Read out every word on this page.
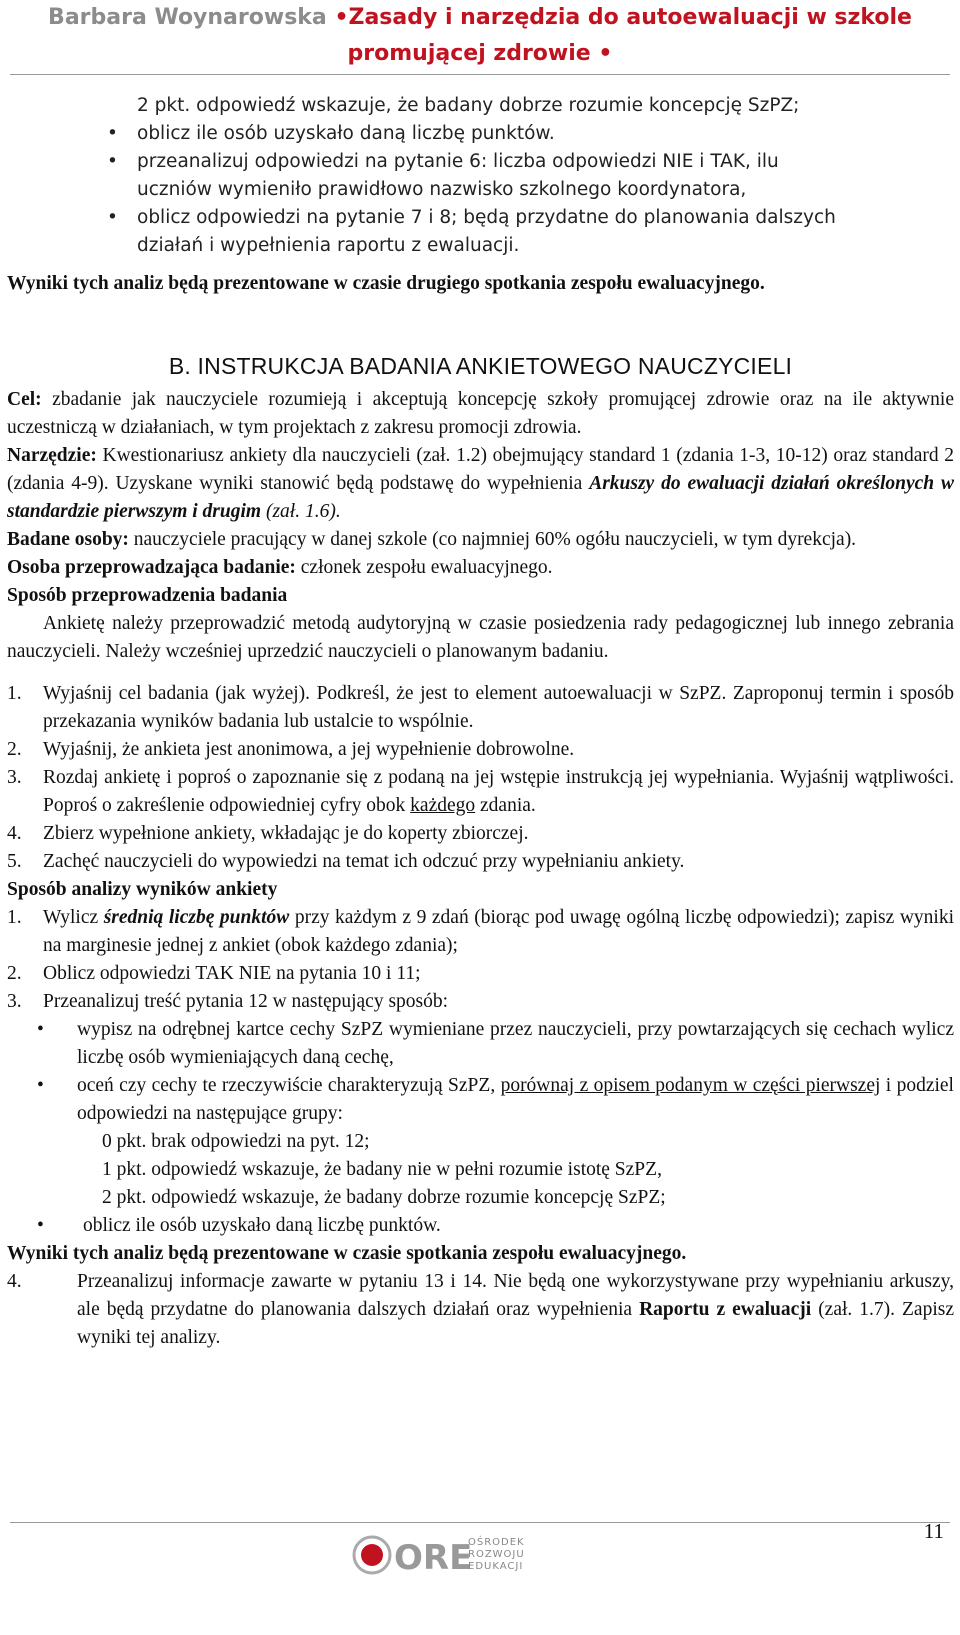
Barbara Woynarowska •Zasady i narzędzia do autoewaluacji w szkole
promującej zdrowie •
2 pkt. odpowiedź wskazuje, że badany dobrze rozumie koncepcję SzPZ;
• oblicz ile osób uzyskało daną liczbę punktów.
• przeanalizuj odpowiedzi na pytanie 6: liczba odpowiedzi NIE i TAK, ilu
uczniów wymieniło prawidłowo nazwisko szkolnego koordynatora,
• oblicz odpowiedzi na pytanie 7 i 8; będą przydatne do planowania dalszych
działań i wypełnienia raportu z ewaluacji.
Wyniki tych analiz będą prezentowane w czasie drugiego spotkania zespołu ewaluacyjnego.
B. INSTRUKCJA BADANIA ANKIETOWEGO NAUCZYCIELI
Cel: zbadanie jak nauczyciele rozumieją i akceptują koncepcję szkoły promującej zdrowie oraz na ile aktywnie uczestniczą w działaniach, w tym projektach z zakresu promocji zdrowia.
Narzędzie: Kwestionariusz ankiety dla nauczycieli (zał. 1.2) obejmujący standard 1 (zdania 1-3, 10-12) oraz standard 2 (zdania 4-9). Uzyskane wyniki stanowić będą podstawę do wypełnienia Arkuszy do ewaluacji działań określonych w standardzie pierwszym i drugim (zał. 1.6).
Badane osoby: nauczyciele pracujący w danej szkole (co najmniej 60% ogółu nauczycieli, w tym dyrekcja).
Osoba przeprowadzająca badanie: członek zespołu ewaluacyjnego.
Sposób przeprowadzenia badania
Ankietę należy przeprowadzić metodą audytoryjną w czasie posiedzenia rady pedagogicznej lub innego zebrania nauczycieli. Należy wcześniej uprzedzić nauczycieli o planowanym badaniu.
1. Wyjaśnij cel badania (jak wyżej). Podkreśl, że jest to element autoewaluacji w SzPZ. Zaproponuj termin i sposób przekazania wyników badania lub ustalcie to wspólnie.
2. Wyjaśnij, że ankieta jest anonimowa, a jej wypełnienie dobrowolne.
3. Rozdaj ankietę i poproś o zapoznanie się z podaną na jej wstępie instrukcją jej wypełniania. Wyjaśnij wątpliwości. Poproś o zakreślenie odpowiedniej cyfry obok każdego zdania.
4. Zbierz wypełnione ankiety, wkładając je do koperty zbiorczej.
5. Zachęć nauczycieli do wypowiedzi na temat ich odczuć przy wypełnianiu ankiety.
Sposób analizy wyników ankiety
1. Wylicz średnią liczbę punktów przy każdym z 9 zdań (biorąc pod uwagę ogólną liczbę odpowiedzi); zapisz wyniki na marginesie jednej z ankiet (obok każdego zdania);
2. Oblicz odpowiedzi TAK NIE na pytania 10 i 11;
3. Przeanalizuj treść pytania 12 w następujący sposób:
• wypisz na odrębnej kartce cechy SzPZ wymieniane przez nauczycieli, przy powtarzających się cechach wylicz liczbę osób wymieniających daną cechę,
• oceń czy cechy te rzeczywiście charakteryzują SzPZ, porównaj z opisem podanym w części pierwszej i podziel odpowiedzi na następujące grupy:
0 pkt. brak odpowiedzi na pyt. 12;
1 pkt. odpowiedź wskazuje, że badany nie w pełni rozumie istotę SzPZ,
2 pkt. odpowiedź wskazuje, że badany dobrze rozumie koncepcję SzPZ;
• oblicz ile osób uzyskało daną liczbę punktów.
Wyniki tych analiz będą prezentowane w czasie spotkania zespołu ewaluacyjnego.
4.	Przeanalizuj informacje zawarte w pytaniu 13 i 14. Nie będą one wykorzystywane przy wypełnianiu arkuszy, ale będą przydatne do planowania dalszych działań oraz wypełnienia Raportu z ewaluacji (zał. 1.7). Zapisz wyniki tej analizy.
ORE
OŚRODEK
ROZWOJU
EDUKACJI
11
